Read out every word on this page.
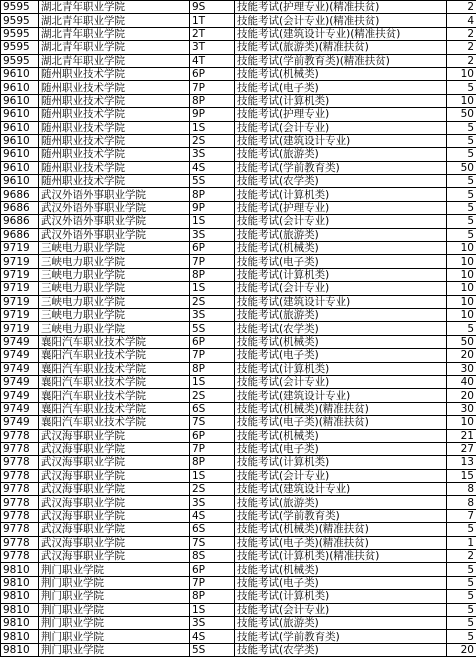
9595	湖北青年职业学院	9S	技能考试(护理专业)(精准扶贫)	2
9595	湖北青年职业学院	1T	技能考试(会计专业)(精准扶贫)	4
9595	湖北青年职业学院	2T	技能考试(建筑设计专业)(精准扶贫)	2
9595	湖北青年职业学院	3T	技能考试(旅游类)(精准扶贫)	2
9595	湖北青年职业学院	4T	技能考试(学前教育类)(精准扶贫)	2
9610	随州职业技术学院	6P	技能考试(机械类)	10
9610	随州职业技术学院	7P	技能考试(电子类)	5
9610	随州职业技术学院	8P	技能考试(计算机类)	10
9610	随州职业技术学院	9P	技能考试(护理专业)	50
9610	随州职业技术学院	1S	技能考试(会计专业)	5
9610	随州职业技术学院	2S	技能考试(建筑设计专业)	5
9610	随州职业技术学院	3S	技能考试(旅游类)	5
9610	随州职业技术学院	4S	技能考试(学前教育类)	50
9610	随州职业技术学院	5S	技能考试(农学类)	5
9686	武汉外语外事职业学院	8P	技能考试(计算机类)	5
9686	武汉外语外事职业学院	9P	技能考试(护理专业)	5
9686	武汉外语外事职业学院	1S	技能考试(会计专业)	5
9686	武汉外语外事职业学院	3S	技能考试(旅游类)	5
9719	三峡电力职业学院	6P	技能考试(机械类)	10
9719	三峡电力职业学院	7P	技能考试(电子类)	10
9719	三峡电力职业学院	8P	技能考试(计算机类)	10
9719	三峡电力职业学院	1S	技能考试(会计专业)	10
9719	三峡电力职业学院	2S	技能考试(建筑设计专业)	10
9719	三峡电力职业学院	3S	技能考试(旅游类)	10
9719	三峡电力职业学院	5S	技能考试(农学类)	5
9749	襄阳汽车职业技术学院	6P	技能考试(机械类)	50
9749	襄阳汽车职业技术学院	7P	技能考试(电子类)	20
9749	襄阳汽车职业技术学院	8P	技能考试(计算机类)	30
9749	襄阳汽车职业技术学院	1S	技能考试(会计专业)	40
9749	襄阳汽车职业技术学院	2S	技能考试(建筑设计专业)	20
9749	襄阳汽车职业技术学院	6S	技能考试(机械类)(精准扶贫)	30
9749	襄阳汽车职业技术学院	7S	技能考试(电子类)(精准扶贫)	10
9778	武汉海事职业学院	6P	技能考试(机械类)	21
9778	武汉海事职业学院	7P	技能考试(电子类)	27
9778	武汉海事职业学院	8P	技能考试(计算机类)	13
9778	武汉海事职业学院	1S	技能考试(会计专业)	15
9778	武汉海事职业学院	2S	技能考试(建筑设计专业)	8
9778	武汉海事职业学院	3S	技能考试(旅游类)	8
9778	武汉海事职业学院	4S	技能考试(学前教育类)	7
9778	武汉海事职业学院	6S	技能考试(机械类)(精准扶贫)	5
9778	武汉海事职业学院	7S	技能考试(电子类)(精准扶贫)	1
9778	武汉海事职业学院	8S	技能考试(计算机类)(精准扶贫)	2
9810	荆门职业学院	6P	技能考试(机械类)	5
9810	荆门职业学院	7P	技能考试(电子类)	5
9810	荆门职业学院	8P	技能考试(计算机类)	5
9810	荆门职业学院	1S	技能考试(会计专业)	5
9810	荆门职业学院	3S	技能考试(旅游类)	5
9810	荆门职业学院	4S	技能考试(学前教育类)	5
9810	荆门职业学院	5S	技能考试(农学类)	20
